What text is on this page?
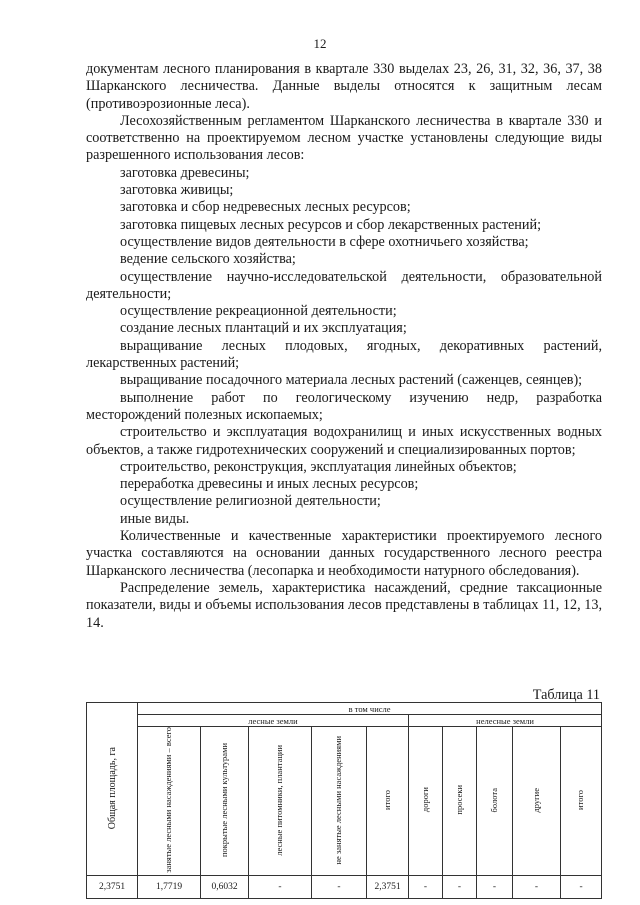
12

документам лесного планирования в квартале 330 выделах 23, 26, 31, 32, 36, 37, 38 Шарканского лесничества. Данные выделы относятся к защитным лесам (противоэрозионные леса).

Лесохозяйственным регламентом Шарканского лесничества в квартале 330 и соответственно на проектируемом лесном участке установлены следующие виды разрешенного использования лесов:

заготовка древесины;

заготовка живицы;

заготовка и сбор недревесных лесных ресурсов;

заготовка пищевых лесных ресурсов и сбор лекарственных растений;

осуществление видов деятельности в сфере охотничьего хозяйства;

ведение сельского хозяйства;

осуществление научно-исследовательской деятельности, образовательной деятельности;

осуществление рекреационной деятельности;

создание лесных плантаций и их эксплуатация;

выращивание лесных плодовых, ягодных, декоративных растений, лекарственных растений;

выращивание посадочного материала лесных растений (саженцев, сеянцев);

выполнение работ по геологическому изучению недр, разработка месторождений полезных ископаемых;

строительство и эксплуатация водохранилищ и иных искусственных водных объектов, а также гидротехнических сооружений и специализированных портов;

строительство, реконструкция, эксплуатация линейных объектов;

переработка древесины и иных лесных ресурсов;

осуществление религиозной деятельности;

иные виды.

Количественные и качественные характеристики проектируемого лесного участка составляются на основании данных государственного лесного реестра Шарканского лесничества (лесопарка и необходимости натурного обследования).

Распределение земель, характеристика насаждений, средние таксационные показатели, виды и объемы использования лесов представлены в таблицах 11, 12, 13, 14.

Таблица 11
Общая площадь, га	в том числе									
	лесные земли					нелесные земли				
	занятые лесными насаждениями – всего	покрытые лесными культурами	лесные питомники, плантации	не занятые лесными насаждениями	итого	дороги	просеки	болота	другие	итого
2,3751	1,7719	0,6032	-	-	2,3751	-	-	-	-	-
